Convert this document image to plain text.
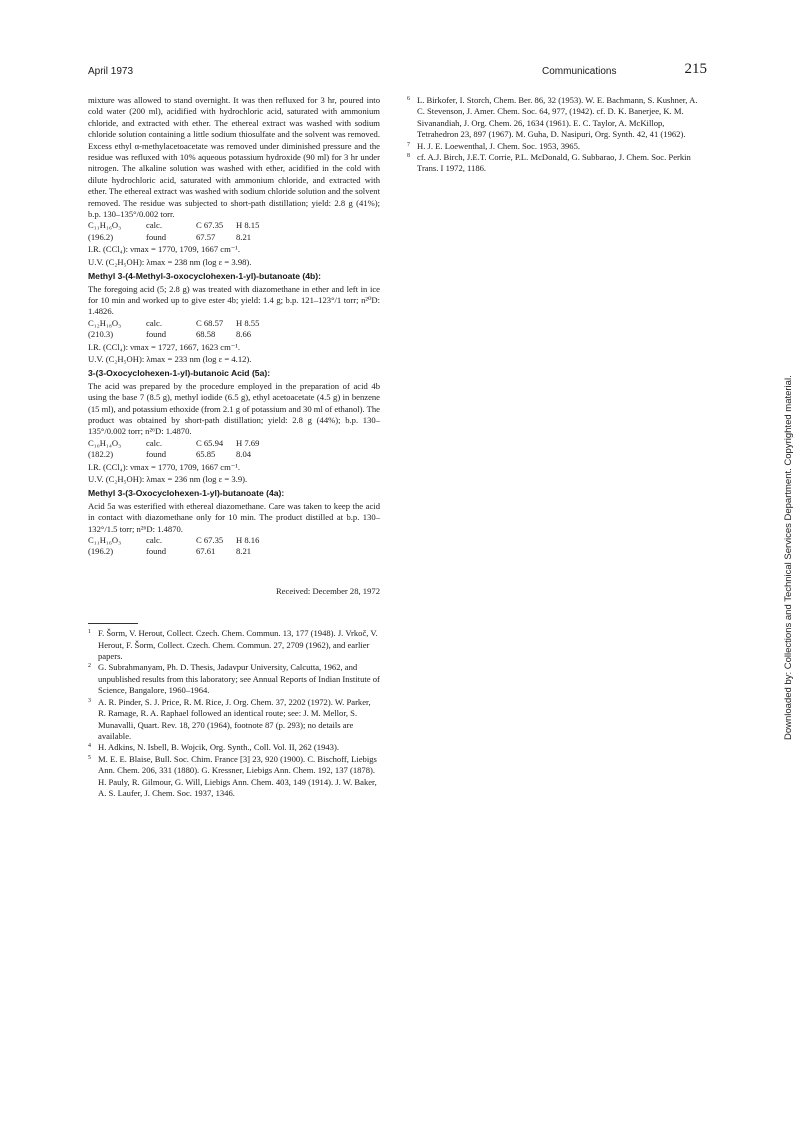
April 1973	Communications	215

mixture was allowed to stand overnight. It was then refluxed for 3 hr, poured into cold water (200 ml), acidified with hydrochloric acid, saturated with ammonium chloride, and extracted with ether. The ethereal extract was washed with sodium chloride solution containing a little sodium thiosulfate and the solvent was removed. Excess ethyl α-methylacetoacetate was removed under diminished pressure and the residue was refluxed with 10% aqueous potassium hydroxide (90 ml) for 3 hr under nitrogen. The alkaline solution was washed with ether, acidified in the cold with dilute hydrochloric acid, saturated with ammonium chloride, and extracted with ether. The ethereal extract was washed with sodium chloride solution and the solvent removed. The residue was subjected to short-path distillation; yield: 2.8 g (41%); b.p. 130–135°/0.002 torr.

C₁₁H₁₆O₃	calc.	C 67.35	H 8.15
(196.2)	found	67.57	8.21
I.R. (CCl₄): νmax = 1770, 1709, 1667 cm⁻¹.
U.V. (C₂H₅OH): λmax = 238 nm (log ε = 3.98).
Methyl 3-(4-Methyl-3-oxocyclohexen-1-yl)-butanoate (4b):

The foregoing acid (5; 2.8 g) was treated with diazomethane in ether and left in ice for 10 min and worked up to give ester 4b; yield: 1.4 g; b.p. 121–123°/1 torr; n²⁰D: 1.4826.

C₁₂H₁₈O₃	calc.	C 68.57	H 8.55
(210.3)	found	68.58	8.66
I.R. (CCl₄): νmax = 1727, 1667, 1623 cm⁻¹.
U.V. (C₂H₅OH): λmax = 233 nm (log ε = 4.12).
3-(3-Oxocyclohexen-1-yl)-butanoic Acid (5a):

The acid was prepared by the procedure employed in the preparation of acid 4b using the base 7 (8.5 g), methyl iodide (6.5 g), ethyl acetoacetate (4.5 g) in benzene (15 ml), and potassium ethoxide (from 2.1 g of potassium and 30 ml of ethanol). The product was obtained by short-path distillation; yield: 2.8 g (44%); b.p. 130–135°/0.002 torr; n²⁶D: 1.4870.

C₁₀H₁₄O₃	calc.	C 65.94	H 7.69
(182.2)	found	65.85	8.04
I.R. (CCl₄): νmax = 1770, 1709, 1667 cm⁻¹.
U.V. (C₂H₅OH): λmax = 236 nm (log ε = 3.9).
Methyl 3-(3-Oxocyclohexen-1-yl)-butanoate (4a):

Acid 5a was esterified with ethereal diazomethane. Care was taken to keep the acid in contact with diazomethane only for 10 min. The product distilled at b.p. 130–132°/1.5 torr; n²⁶D: 1.4870.

C₁₁H₁₆O₃	calc.	C 67.35	H 8.16
(196.2)	found	67.61	8.21
Received: December 28, 1972
1 F. Šorm, V. Herout, Collect. Czech. Chem. Commun. 13, 177 (1948). J. Vrkoč, V. Herout, F. Šorm, Collect. Czech. Chem. Commun. 27, 2709 (1962), and earlier papers.
2 G. Subrahmanyam, Ph. D. Thesis, Jadavpur University, Calcutta, 1962, and unpublished results from this laboratory; see Annual Reports of Indian Institute of Science, Bangalore, 1960–1964.
3 A. R. Pinder, S. J. Price, R. M. Rice, J. Org. Chem. 37, 2202 (1972). W. Parker, R. Ramage, R. A. Raphael followed an identical route; see: J. M. Mellor, S. Munavalli, Quart. Rev. 18, 270 (1964), footnote 87 (p. 293); no details are available.
4 H. Adkins, N. Isbell, B. Wojcik, Org. Synth., Coll. Vol. II, 262 (1943).
5 M. E. E. Blaise, Bull. Soc. Chim. France [3] 23, 920 (1900). C. Bischoff, Liebigs Ann. Chem. 206, 331 (1880). G. Kressner, Liebigs Ann. Chem. 192, 137 (1878). H. Pauly, R. Gilmour, G. Will, Liebigs Ann. Chem. 403, 149 (1914). J. W. Baker, A. S. Laufer, J. Chem. Soc. 1937, 1346.
6 L. Birkofer, I. Storch, Chem. Ber. 86, 32 (1953). W. E. Bachmann, S. Kushner, A. C. Stevenson, J. Amer. Chem. Soc. 64, 977, (1942). cf. D. K. Banerjee, K. M. Sivanandiah, J. Org. Chem. 26, 1634 (1961). E. C. Taylor, A. McKillop, Tetrahedron 23, 897 (1967). M. Guha, D. Nasipuri, Org. Synth. 42, 41 (1962).
7 H. J. E. Loewenthal, J. Chem. Soc. 1953, 3965.
8 cf. A.J. Birch, J.E.T. Corrie, P.L. McDonald, G. Subbarao, J. Chem. Soc. Perkin Trans. I 1972, 1186.
Downloaded by: Collections and Technical Services Department. Copyrighted material.
